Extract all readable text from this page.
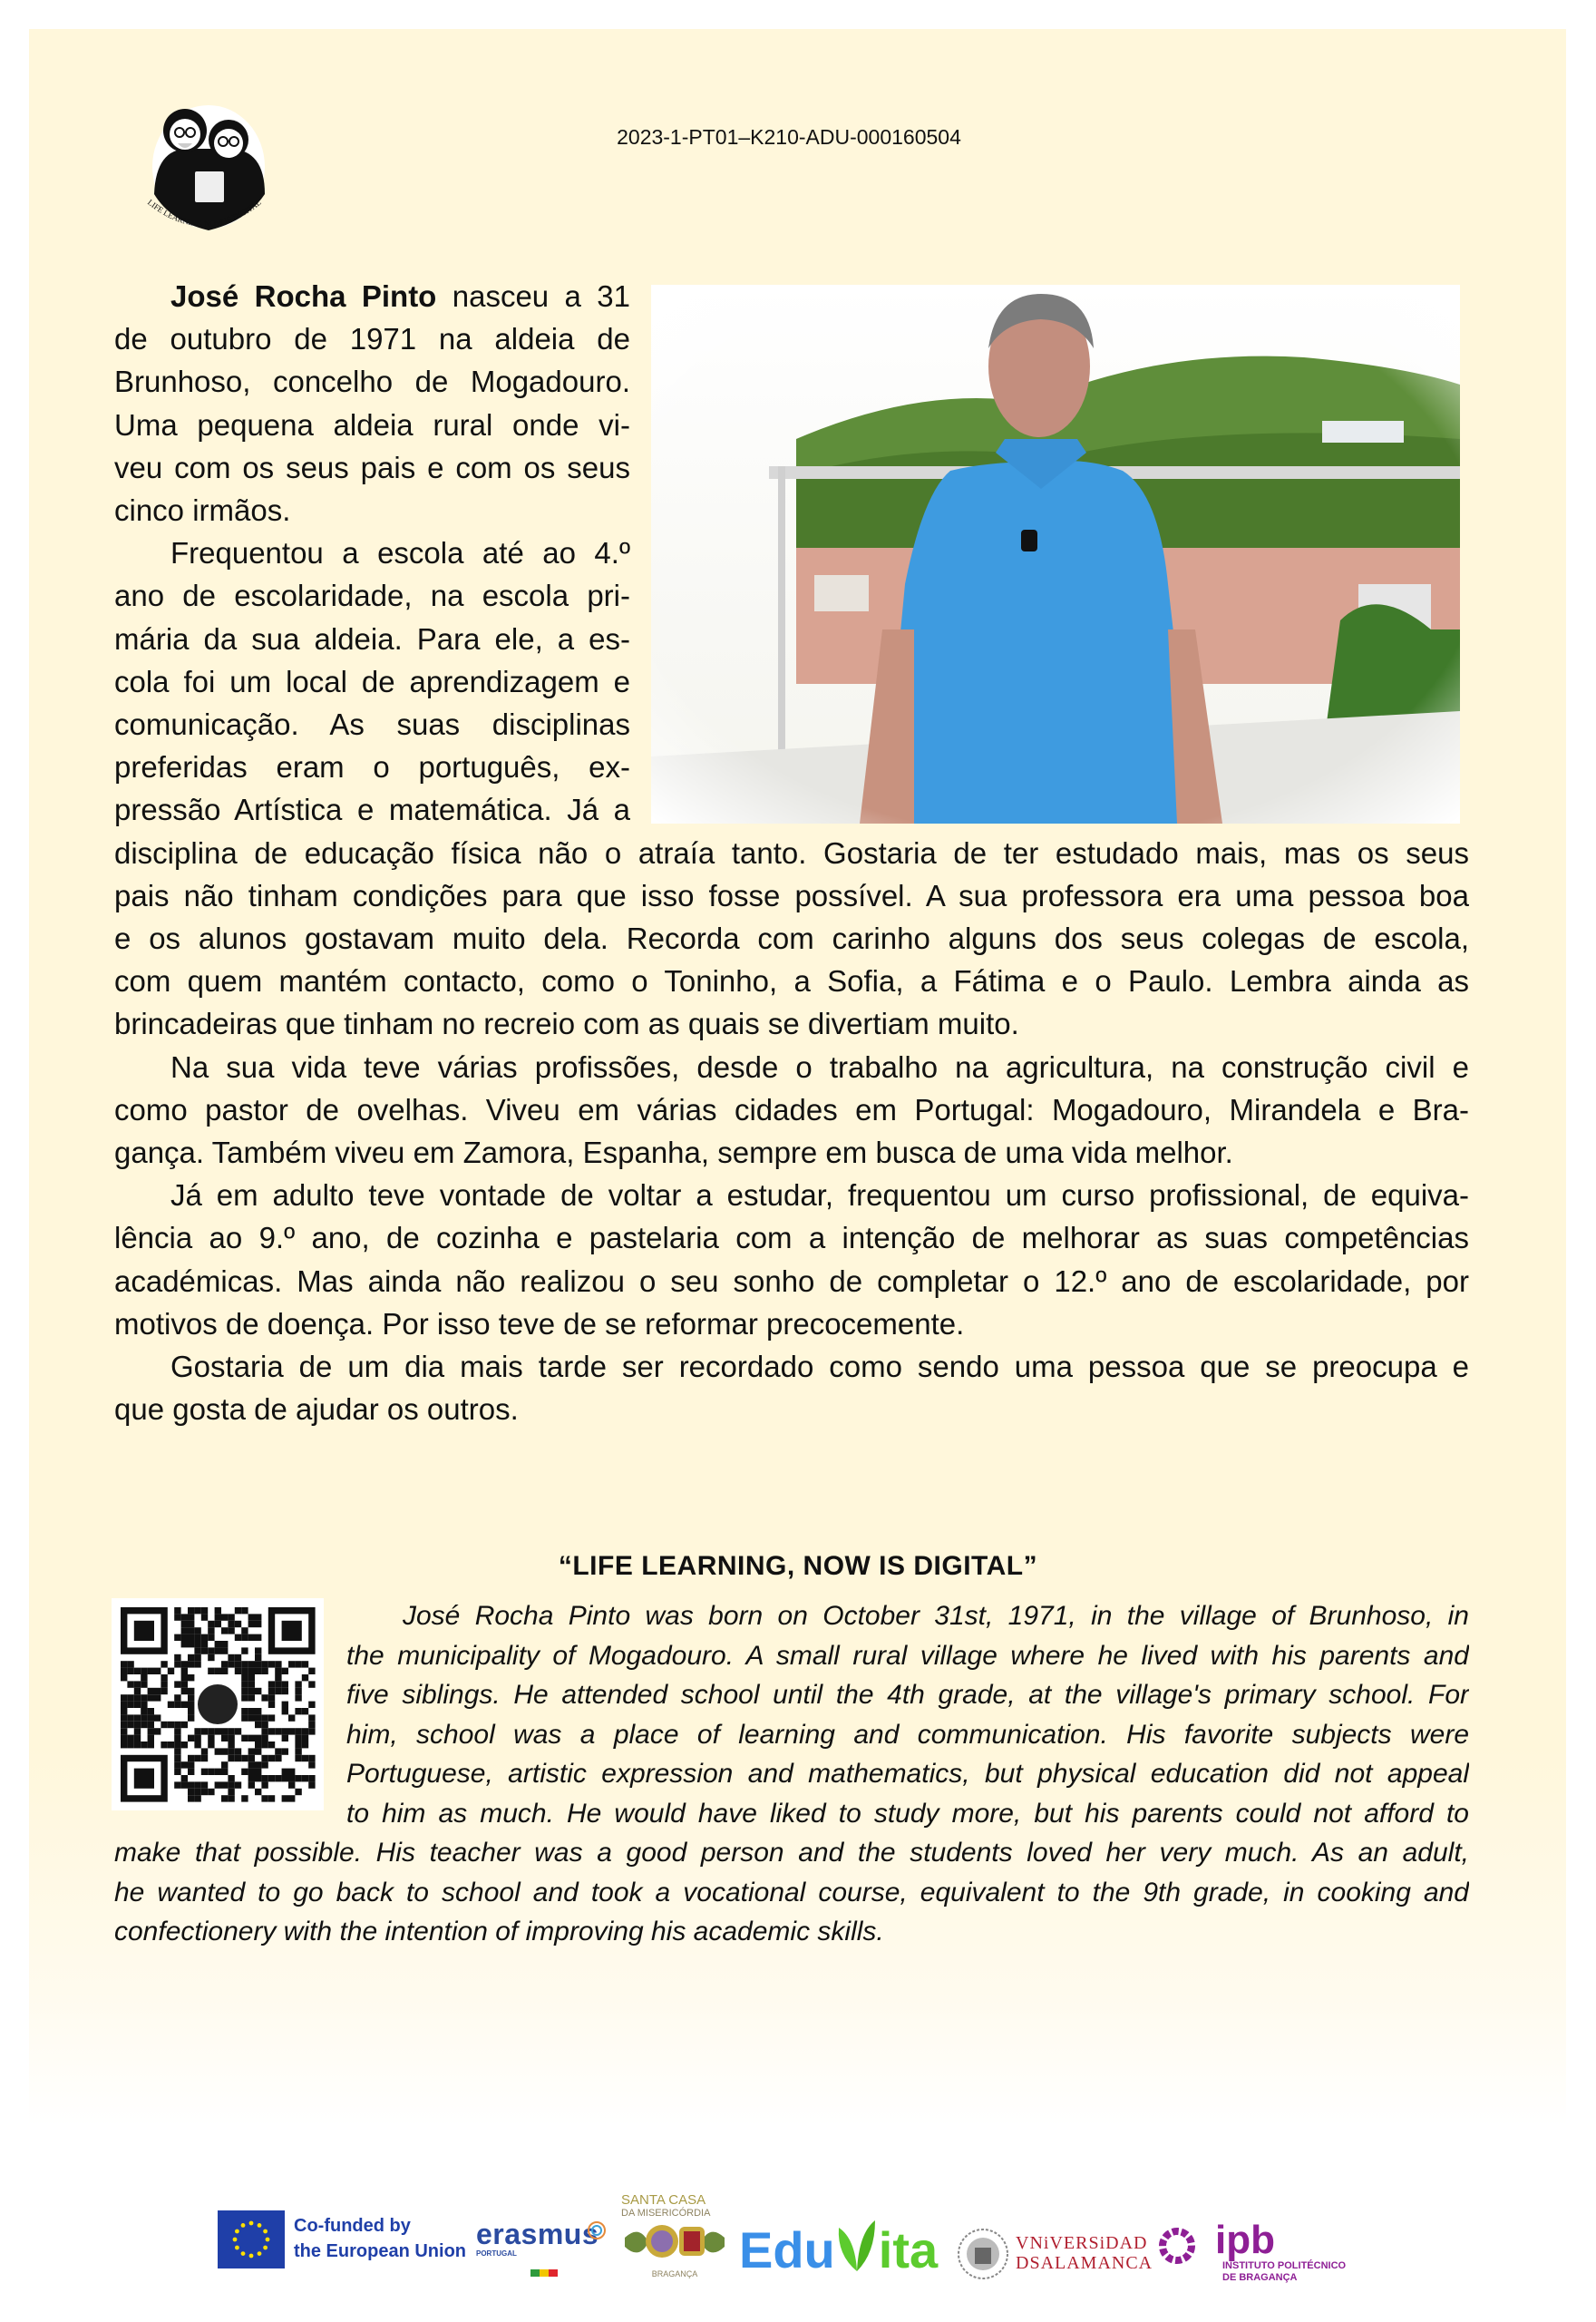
LIFE LEARNING NOW IS DIGITAL
2023-1-PT01–K210-ADU-000160504
José Rocha Pinto nasceu a 31
de outubro de 1971 na aldeia de
Brunhoso, concelho de Mogadouro.
Uma pequena aldeia rural onde vi-
veu com os seus pais e com os seus
cinco irmãos.
Frequentou a escola até ao 4.º
ano de escolaridade, na escola pri-
mária da sua aldeia. Para ele, a es-
cola foi um local de aprendizagem e
comunicação. As suas disciplinas
preferidas eram o português, ex-
pressão Artística e matemática. Já a
disciplina de educação física não o atraía tanto. Gostaria de ter estudado mais, mas os seus
pais não tinham condições para que isso fosse possível. A sua professora era uma pessoa boa
e os alunos gostavam muito dela. Recorda com carinho alguns dos seus colegas de escola,
com quem mantém contacto, como o Toninho, a Sofia, a Fátima e o Paulo. Lembra ainda as
brincadeiras que tinham no recreio com as quais se divertiam muito.
Na sua vida teve várias profissões, desde o trabalho na agricultura, na construção civil e
como pastor de ovelhas. Viveu em várias cidades em Portugal: Mogadouro, Mirandela e Bra-
gança. Também viveu em Zamora, Espanha, sempre em busca de uma vida melhor.
Já em adulto teve vontade de voltar a estudar, frequentou um curso profissional, de equiva-
lência ao 9.º ano, de cozinha e pastelaria com a intenção de melhorar as suas competências
académicas. Mas ainda não realizou o seu sonho de completar o 12.º ano de escolaridade, por
motivos de doença. Por isso teve de se reformar precocemente.
Gostaria de um dia mais tarde ser recordado como sendo uma pessoa que se preocupa e
que gosta de ajudar os outros.
“LIFE LEARNING, NOW IS DIGITAL”
José Rocha Pinto was born on October 31st, 1971, in the village of Brunhoso, in
the municipality of Mogadouro. A small rural village where he lived with his parents and
five siblings. He attended school until the 4th grade, at the village's primary school. For
him, school was a place of learning and communication. His favorite subjects were
Portuguese, artistic expression and mathematics, but physical education did not appeal
to him as much. He would have liked to study more, but his parents could not afford to
make that possible. His teacher was a good person and the students loved her very much. As an adult,
he wanted to go back to school and took a vocational course, equivalent to the 9th grade, in cooking and
confectionery with the intention of improving his academic skills.
Co-funded by
the European Union
erasmus
PORTUGAL
SANTA CASA
DA MISERICÓRDIA
BRAGANÇA Edu ita	VNiVERSiDAD
DSALAMANCA
ipb
INSTITUTO POLITÉCNICO
DE BRAGANÇA
